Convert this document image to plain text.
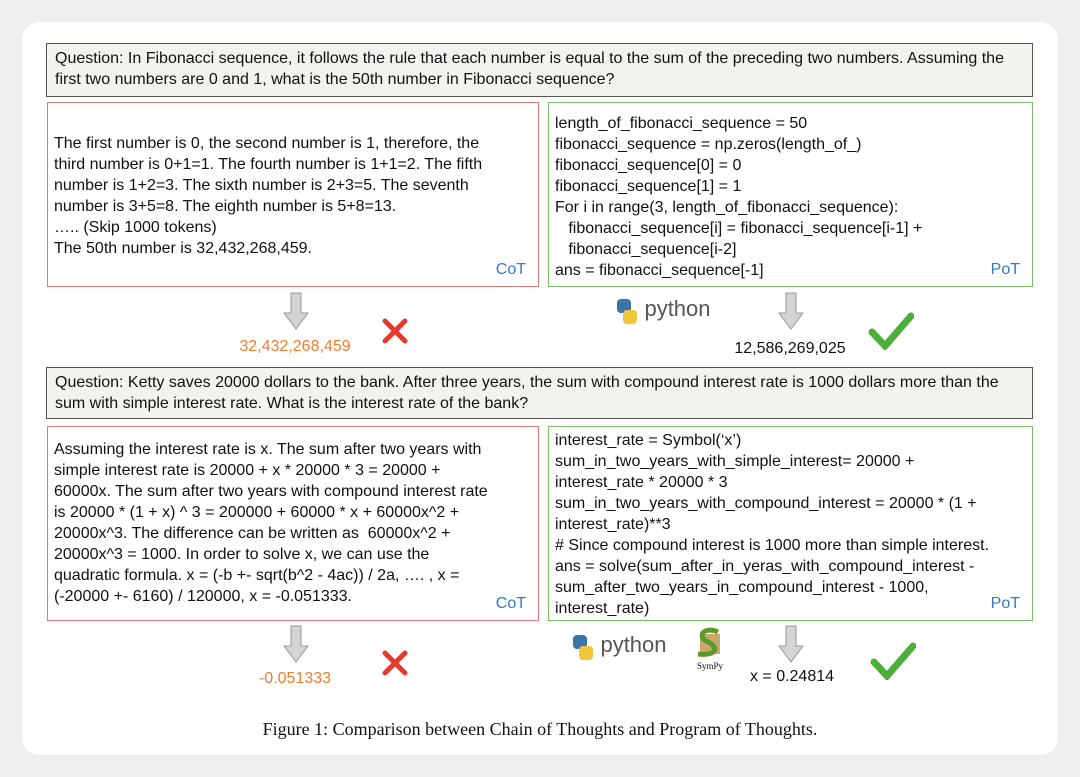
Question: In Fibonacci sequence, it follows the rule that each number is equal to the sum of the preceding two numbers. Assuming the first two numbers are 0 and 1, what is the 50th number in Fibonacci sequence?
The first number is 0, the second number is 1, therefore, the
third number is 0+1=1. The fourth number is 1+1=2. The fifth
number is 1+2=3. The sixth number is 2+3=5. The seventh
number is 3+5=8. The eighth number is 5+8=13.
….. (Skip 1000 tokens)
The 50th number is 32,432,268,459.
CoT
length_of_fibonacci_sequence = 50
fibonacci_sequence = np.zeros(length_of_)
fibonacci_sequence[0] = 0
fibonacci_sequence[1] = 1
For i in range(3, length_of_fibonacci_sequence):
fibonacci_sequence[i] = fibonacci_sequence[i-1] +
fibonacci_sequence[i-2]
ans = fibonacci_sequence[-1]	PoT
32,432,268,459
python
12,586,269,025
Question: Ketty saves 20000 dollars to the bank. After three years, the sum with compound interest rate is 1000 dollars more than the sum with simple interest rate. What is the interest rate of the bank?
Assuming the interest rate is x. The sum after two years with
simple interest rate is 20000 + x * 20000 * 3 = 20000 +
60000x. The sum after two years with compound interest rate
is 20000 * (1 + x) ^ 3 = 200000 + 60000 * x + 60000x^2 +
20000x^3. The difference can be written as  60000x^2 +
20000x^3 = 1000. In order to solve x, we can use the
quadratic formula. x = (-b +- sqrt(b^2 - 4ac)) / 2a, …. , x =
(-20000 +- 6160) / 120000, x = -0.051333.	CoT
interest_rate = Symbol(‘x’)
sum_in_two_years_with_simple_interest= 20000 +
interest_rate * 20000 * 3
sum_in_two_years_with_compound_interest = 20000 * (1 +
interest_rate)**3
# Since compound interest is 1000 more than simple interest.
ans = solve(sum_after_in_yeras_with_compound_interest -
sum_after_two_years_in_compound_interest - 1000,
interest_rate)	PoT
-0.051333
python
SymPy
x = 0.24814
Figure 1: Comparison between Chain of Thoughts and Program of Thoughts.
